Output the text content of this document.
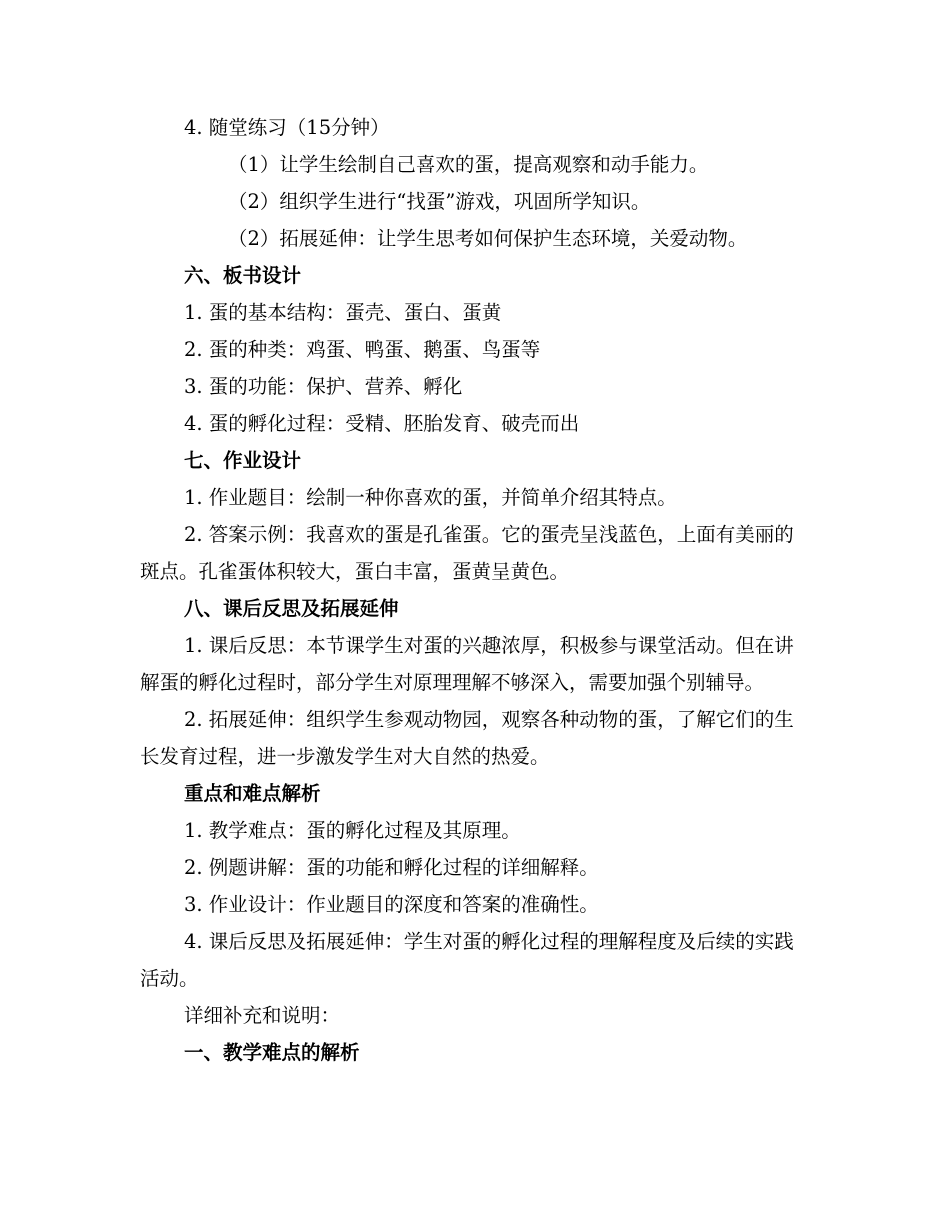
4. 随堂练习（15分钟）

（1）让学生绘制自己喜欢的蛋，提高观察和动手能力。

（2）组织学生进行“找蛋”游戏，巩固所学知识。

（2）拓展延伸：让学生思考如何保护生态环境，关爱动物。

六、板书设计

1. 蛋的基本结构：蛋壳、蛋白、蛋黄

2. 蛋的种类：鸡蛋、鸭蛋、鹅蛋、鸟蛋等

3. 蛋的功能：保护、营养、孵化

4. 蛋的孵化过程：受精、胚胎发育、破壳而出

七、作业设计

1. 作业题目：绘制一种你喜欢的蛋，并简单介绍其特点。

2. 答案示例：我喜欢的蛋是孔雀蛋。它的蛋壳呈浅蓝色，上面有美丽的斑点。孔雀蛋体积较大，蛋白丰富，蛋黄呈黄色。

八、课后反思及拓展延伸

1. 课后反思：本节课学生对蛋的兴趣浓厚，积极参与课堂活动。但在讲解蛋的孵化过程时，部分学生对原理理解不够深入，需要加强个别辅导。

2. 拓展延伸：组织学生参观动物园，观察各种动物的蛋，了解它们的生长发育过程，进一步激发学生对大自然的热爱。

重点和难点解析

1. 教学难点：蛋的孵化过程及其原理。

2. 例题讲解：蛋的功能和孵化过程的详细解释。

3. 作业设计：作业题目的深度和答案的准确性。

4. 课后反思及拓展延伸：学生对蛋的孵化过程的理解程度及后续的实践活动。

详细补充和说明：

一、教学难点的解析
